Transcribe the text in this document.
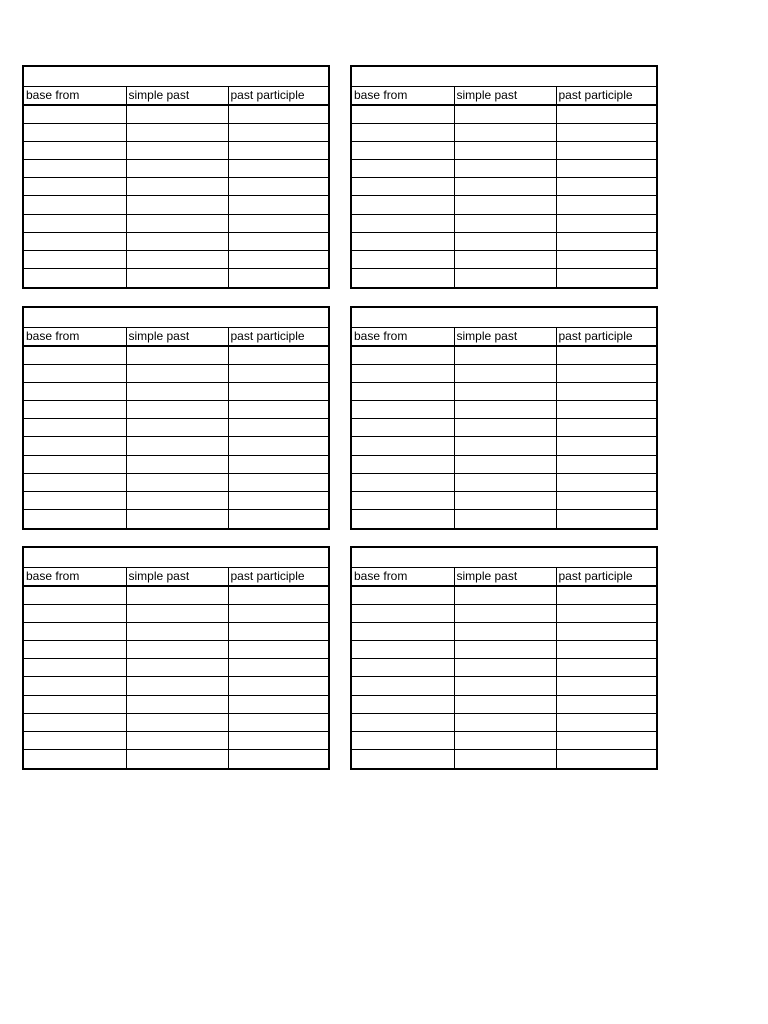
base from	simple past	past participle

			base from	simple past	past participle

base from	simple past	past participle

			base from	simple past	past participle

base from	simple past	past participle

			base from	simple past	past participle
